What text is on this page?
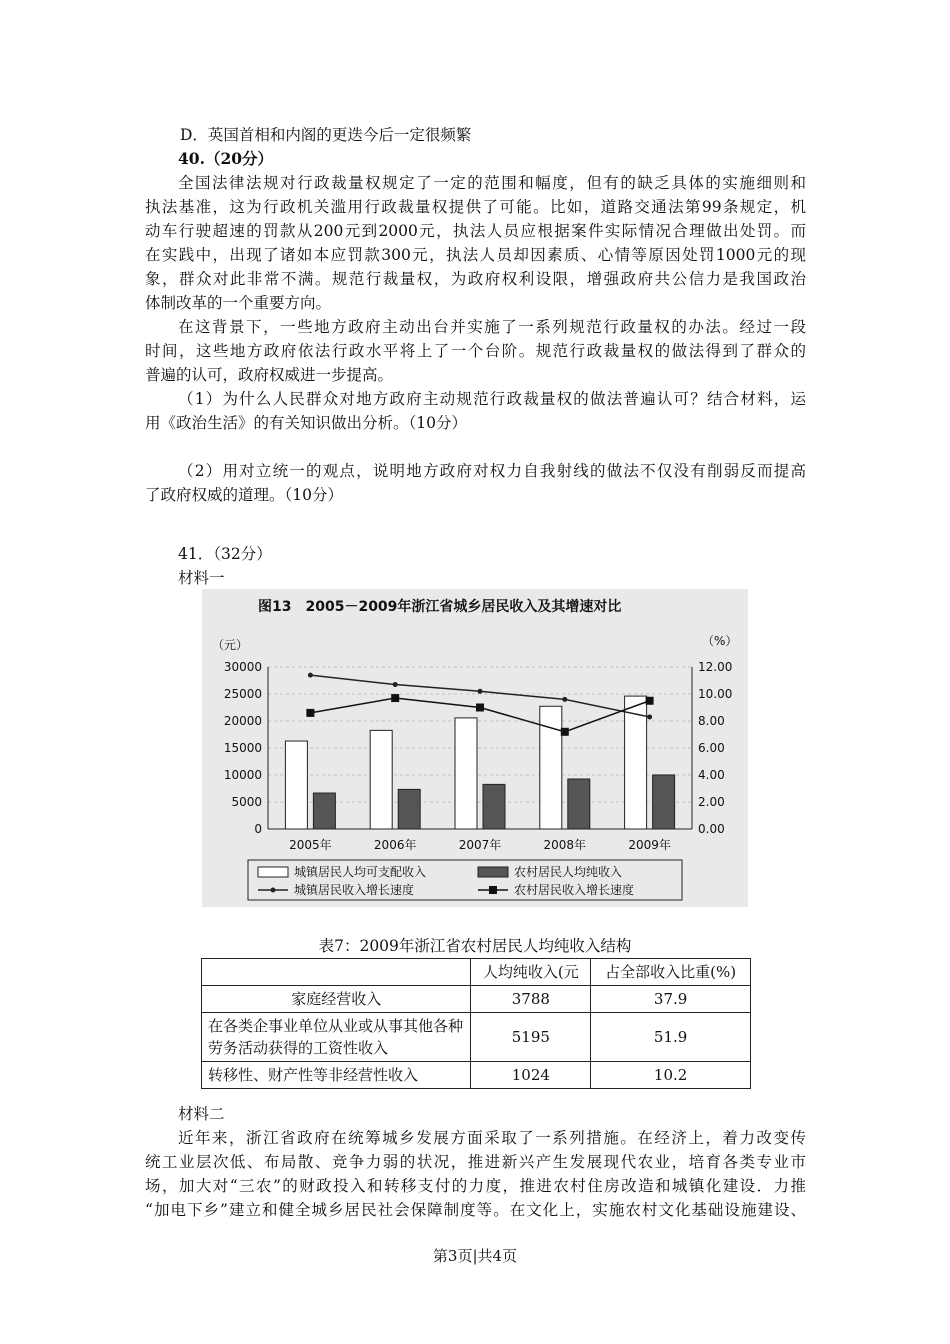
D．英国首相和内阁的更迭今后一定很频繁
40.（20分）
全国法律法规对行政裁量权规定了一定的范围和幅度，但有的缺乏具体的实施细则和
执法基准，这为行政机关滥用行政裁量权提供了可能。比如，道路交通法第99条规定，机
动车行驶超速的罚款从200元到2000元，执法人员应根据案件实际情况合理做出处罚。而
在实践中，出现了诸如本应罚款300元，执法人员却因素质、心情等原因处罚1000元的现
象，群众对此非常不满。规范行裁量权，为政府权利设限，增强政府共公信力是我国政治
体制改革的一个重要方向。
在这背景下，一些地方政府主动出台并实施了一系列规范行政量权的办法。经过一段
时间，这些地方政府依法行政水平将上了一个台阶。规范行政裁量权的做法得到了群众的
普遍的认可，政府权威进一步提高。
（1）为什么人民群众对地方政府主动规范行政裁量权的做法普遍认可？结合材料，运
用《政治生活》的有关知识做出分析。（10分）
（2）用对立统一的观点，说明地方政府对权力自我射线的做法不仅没有削弱反而提高
了政府权威的道理。（10分）
41．（32分）
材料一
图13　2005－2009年浙江省城乡居民收入及其增速对比
（元）	（%）
30000
25000
20000
15000
10000
5000
0
12.00
10.00
8.00
6.00
4.00
2.00
0.00
2005年	2006年	2007年	2008年	2009年
城镇居民人均可支配收入	农村居民人均纯收入
城镇居民收入增长速度	农村居民收入增长速度
表7：2009年浙江省农村居民人均纯收入结构
	人均纯收入(元	占全部收入比重(%)
家庭经营收入	3788	37.9
在各类企事业单位从业或从事其他各种劳务活动获得的工资性收入	5195	51.9
转移性、财产性等非经营性收入	1024	10.2
材料二
近年来，浙江省政府在统筹城乡发展方面采取了一系列措施。在经济上，着力改变传
统工业层次低、布局散、竞争力弱的状况，推进新兴产生发展现代农业，培育各类专业市
场，加大对“三农”的财政投入和转移支付的力度，推进农村住房改造和城镇化建设．力推
“加电下乡”建立和健全城乡居民社会保障制度等。在文化上，实施农村文化基础设施建设、
第3页|共4页
